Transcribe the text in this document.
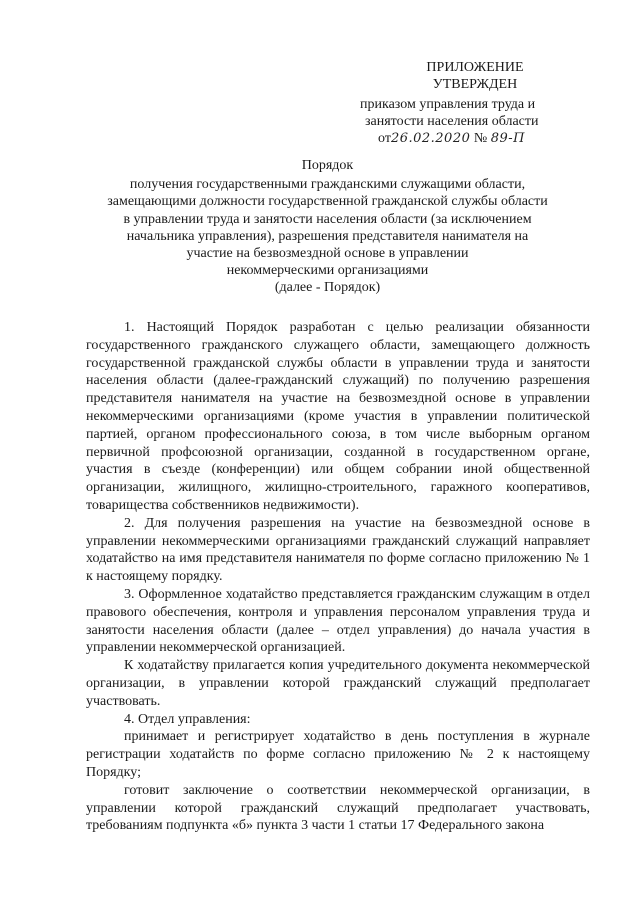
ПРИЛОЖЕНИЕ
УТВЕРЖДЕН
приказом управления труда и
занятости населения области
от26.02.2020 № 89-П
Порядок
получения государственными гражданскими служащими области,
замещающими должности государственной гражданской службы области
в управлении труда и занятости населения области (за исключением
начальника управления), разрешения представителя нанимателя на
участие на безвозмездной основе в управлении
некоммерческими организациями
(далее - Порядок)

1. Настоящий Порядок разработан с целью реализации обязанности государственного гражданского служащего области, замещающего должность государственной гражданской службы области в управлении труда и занятости населения области (далее-гражданский служащий) по получению разрешения представителя нанимателя на участие на безвозмездной основе в управлении некоммерческими организациями (кроме участия в управлении политической партией, органом профессионального союза, в том числе выборным органом первичной профсоюзной организации, созданной в государственном органе, участия в съезде (конференции) или общем собрании иной общественной организации, жилищного, жилищно-строительного, гаражного кооперативов, товарищества собственников недвижимости).

2. Для получения разрешения на участие на безвозмездной основе в управлении некоммерческими организациями гражданский служащий направляет ходатайство на имя представителя нанимателя по форме согласно приложению № 1 к настоящему порядку.

3. Оформленное ходатайство представляется гражданским служащим в отдел правового обеспечения, контроля и управления персоналом управления труда и занятости населения области (далее – отдел управления) до начала участия в управлении некоммерческой организацией.

К ходатайству прилагается копия учредительного документа некоммерческой организации, в управлении которой гражданский служащий предполагает участвовать.

4. Отдел управления:

принимает и регистрирует ходатайство в день поступления в журнале регистрации ходатайств по форме согласно приложению № 2 к настоящему Порядку;

готовит заключение о соответствии некоммерческой организации, в управлении которой гражданский служащий предполагает участвовать, требованиям подпункта «б» пункта 3 части 1 статьи 17 Федерального закона
